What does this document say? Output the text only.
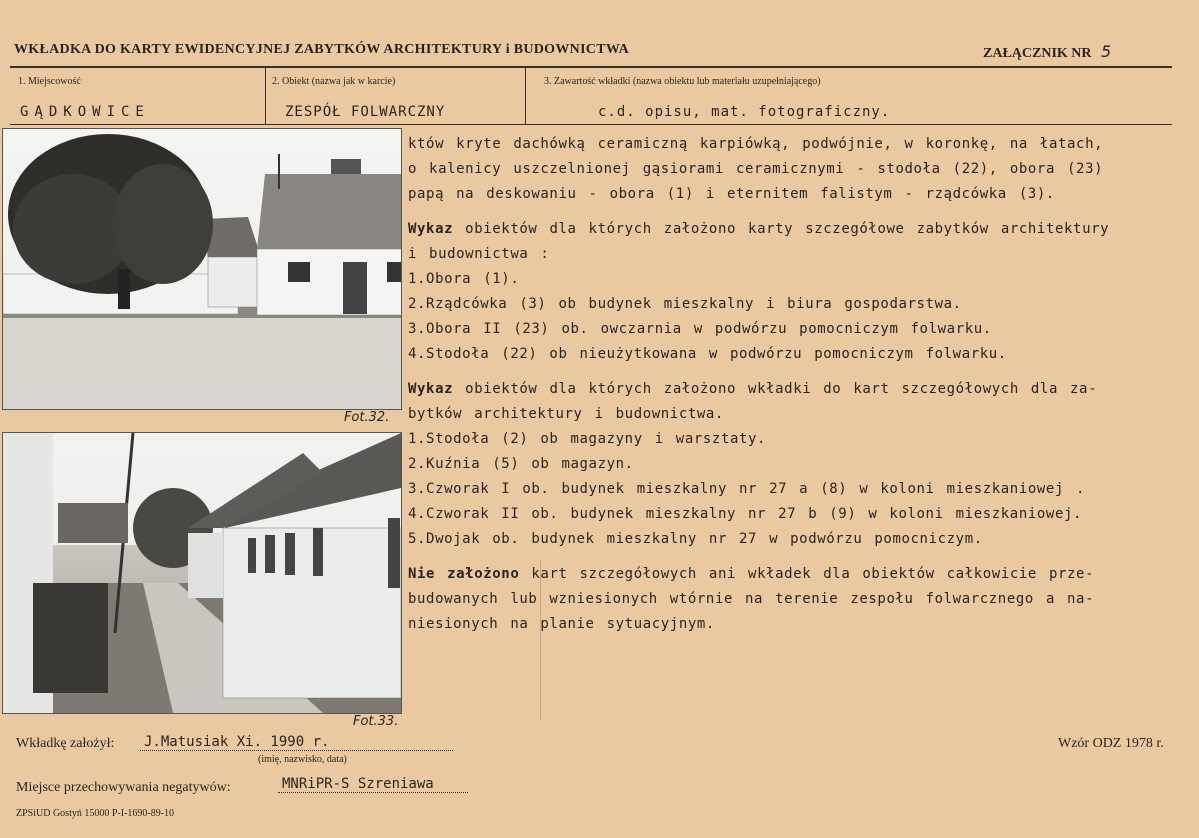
WKŁADKA DO KARTY EWIDENCYJNEJ ZABYTKÓW ARCHITEKTURY i BUDOWNICTWA	ZAŁĄCZNIK NR 5
1. Miejscowość
GĄDKOWICE
2. Obiekt (nazwa jak w karcie)
ZESPÓŁ FOLWARCZNY
3. Zawartość wkładki (nazwa obiektu lub materiału uzupełniającego)
c.d. opisu, mat. fotograficzny.
Fot.32.
Fot.33.

któw kryte dachówką ceramiczną karpiówką, podwójnie, w koronkę, na łatach,
o kalenicy uszczelnionej gąsiorami ceramicznymi - stodoła (22), obora (23)
papą na deskowaniu - obora (1) i eternitem falistym - rządcówka (3).

Wykaz obiektów dla których założono karty szczegółowe zabytków architektury
i budownictwa :
1.Obora (1).
2.Rządcówka (3) ob budynek mieszkalny i biura gospodarstwa.
3.Obora II (23) ob. owczarnia w podwórzu pomocniczym folwarku.
4.Stodoła (22) ob nieużytkowana w podwórzu pomocniczym folwarku.

Wykaz obiektów dla których założono wkładki do kart szczegółowych dla za-
bytków architektury i budownictwa.
1.Stodoła (2) ob magazyny i warsztaty.
2.Kuźnia (5) ob magazyn.
3.Czworak I ob. budynek mieszkalny nr 27 a (8) w koloni mieszkaniowej .
4.Czworak II ob. budynek mieszkalny nr 27 b (9) w koloni mieszkaniowej.
5.Dwojak ob. budynek mieszkalny nr 27 w podwórzu pomocniczym.

Nie założono kart szczegółowych ani wkładek dla obiektów całkowicie prze-
budowanych lub wzniesionych wtórnie na terenie zespołu folwarcznego a na-
niesionych na planie sytuacyjnym.

Wkładkę założył: J.Matusiak Xi. 1990 r.
(imię, nazwisko, data)
Wzór ODZ 1978 r.
Miejsce przechowywania negatywów:	MNRiPR-S Szreniawa
ZPSiUD Gostyń 15000 P-I-1690-89-10
